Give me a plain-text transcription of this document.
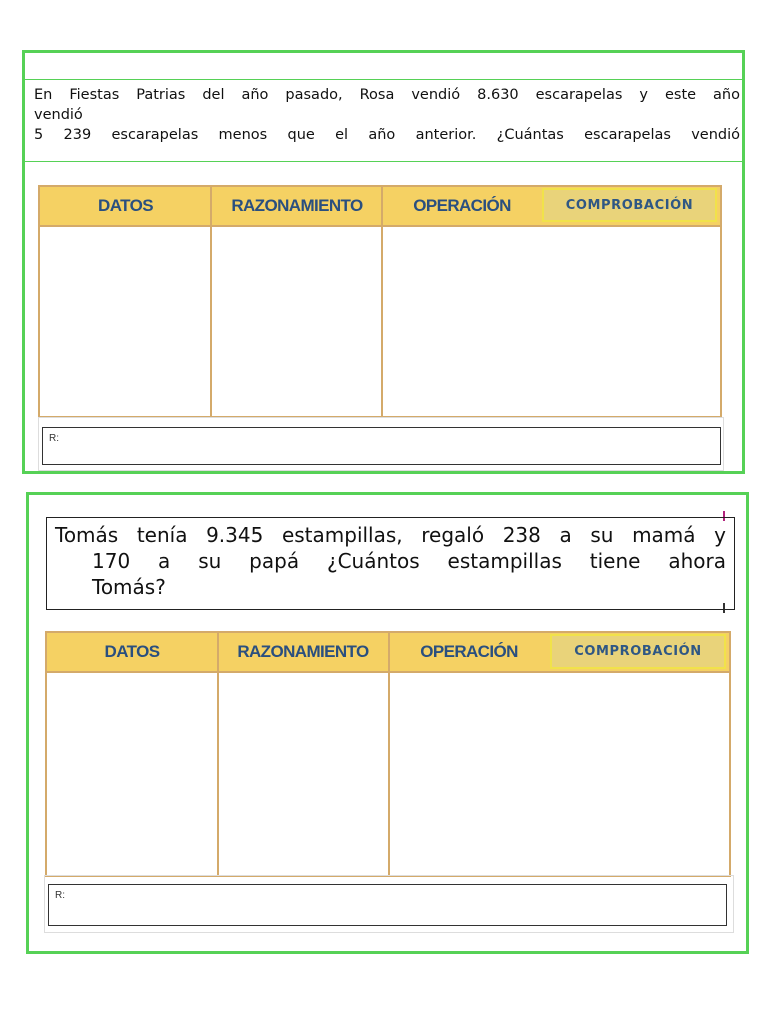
En Fiestas Patrias del año pasado, Rosa vendió 8.630 escarapelas y este año
vendió
5 239 escarapelas menos que el año anterior. ¿Cuántas escarapelas vendió
DATOS	RAZONAMIENTO	OPERACIÓN	COMPROBACIÓN
R:
Tomás tenía 9.345 estampillas, regaló 238 a su mamá y
170 a su papá ¿Cuántos estampillas tiene ahora
Tomás?
DATOS	RAZONAMIENTO	OPERACIÓN	COMPROBACIÓN
R:
